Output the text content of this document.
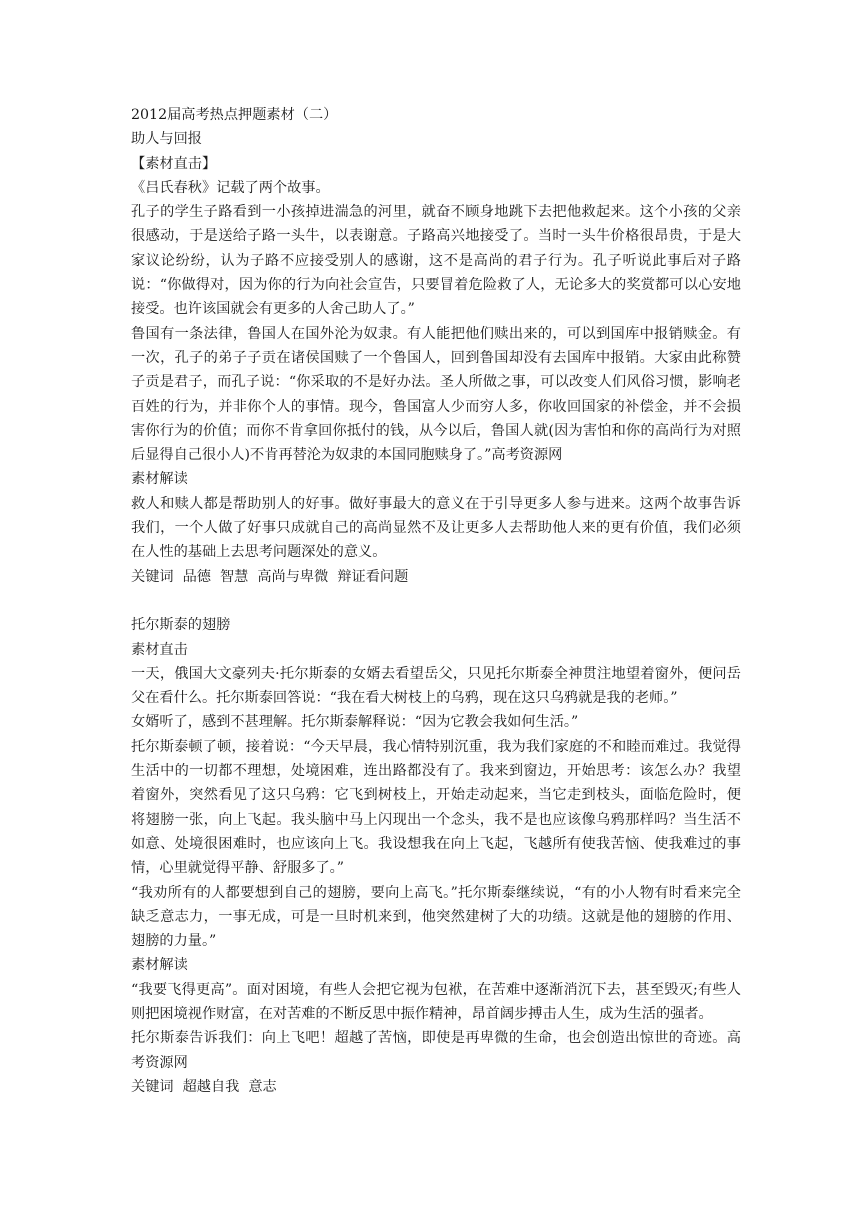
2012届高考热点押题素材（二）

助人与回报

【素材直击】

《吕氏春秋》记载了两个故事。

孔子的学生子路看到一小孩掉进湍急的河里，就奋不顾身地跳下去把他救起来。这个小孩的父亲很感动，于是送给子路一头牛，以表谢意。子路高兴地接受了。当时一头牛价格很昂贵，于是大家议论纷纷，认为子路不应接受别人的感谢，这不是高尚的君子行为。孔子听说此事后对子路说：“你做得对，因为你的行为向社会宣告，只要冒着危险救了人，无论多大的奖赏都可以心安地接受。也许该国就会有更多的人舍己助人了。”

鲁国有一条法律，鲁国人在国外沦为奴隶。有人能把他们赎出来的，可以到国库中报销赎金。有一次，孔子的弟子子贡在诸侯国赎了一个鲁国人，回到鲁国却没有去国库中报销。大家由此称赞子贡是君子，而孔子说：“你采取的不是好办法。圣人所做之事，可以改变人们风俗习惯，影响老百姓的行为，并非你个人的事情。现今，鲁国富人少而穷人多，你收回国家的补偿金，并不会损害你行为的价值；而你不肯拿回你抵付的钱，从今以后，鲁国人就(因为害怕和你的高尚行为对照后显得自己很小人)不肯再替沦为奴隶的本国同胞赎身了。”高考资源网

素材解读

救人和赎人都是帮助别人的好事。做好事最大的意义在于引导更多人参与进来。这两个故事告诉我们，一个人做了好事只成就自己的高尚显然不及让更多人去帮助他人来的更有价值，我们必须在人性的基础上去思考问题深处的意义。

关键词  品德  智慧  高尚与卑微  辩证看问题

托尔斯泰的翅膀

素材直击

一天，俄国大文豪列夫·托尔斯泰的女婿去看望岳父，只见托尔斯泰全神贯注地望着窗外，便问岳父在看什么。托尔斯泰回答说：“我在看大树枝上的乌鸦，现在这只乌鸦就是我的老师。”

女婿听了，感到不甚理解。托尔斯泰解释说：“因为它教会我如何生活。”

托尔斯泰顿了顿，接着说：“今天早晨，我心情特别沉重，我为我们家庭的不和睦而难过。我觉得生活中的一切都不理想，处境困难，连出路都没有了。我来到窗边，开始思考：该怎么办？我望着窗外，突然看见了这只乌鸦：它飞到树枝上，开始走动起来，当它走到枝头，面临危险时，便将翅膀一张，向上飞起。我头脑中马上闪现出一个念头，我不是也应该像乌鸦那样吗？当生活不如意、处境很困难时，也应该向上飞。我设想我在向上飞起，飞越所有使我苦恼、使我难过的事情，心里就觉得平静、舒服多了。”

“我劝所有的人都要想到自己的翅膀，要向上高飞。”托尔斯泰继续说，“有的小人物有时看来完全缺乏意志力，一事无成，可是一旦时机来到，他突然建树了大的功绩。这就是他的翅膀的作用、翅膀的力量。”

素材解读

“我要飞得更高”。面对困境，有些人会把它视为包袱，在苦难中逐渐消沉下去，甚至毁灭;有些人则把困境视作财富，在对苦难的不断反思中振作精神，昂首阔步搏击人生，成为生活的强者。

托尔斯泰告诉我们：向上飞吧！超越了苦恼，即使是再卑微的生命，也会创造出惊世的奇迹。高考资源网

关键词  超越自我  意志
